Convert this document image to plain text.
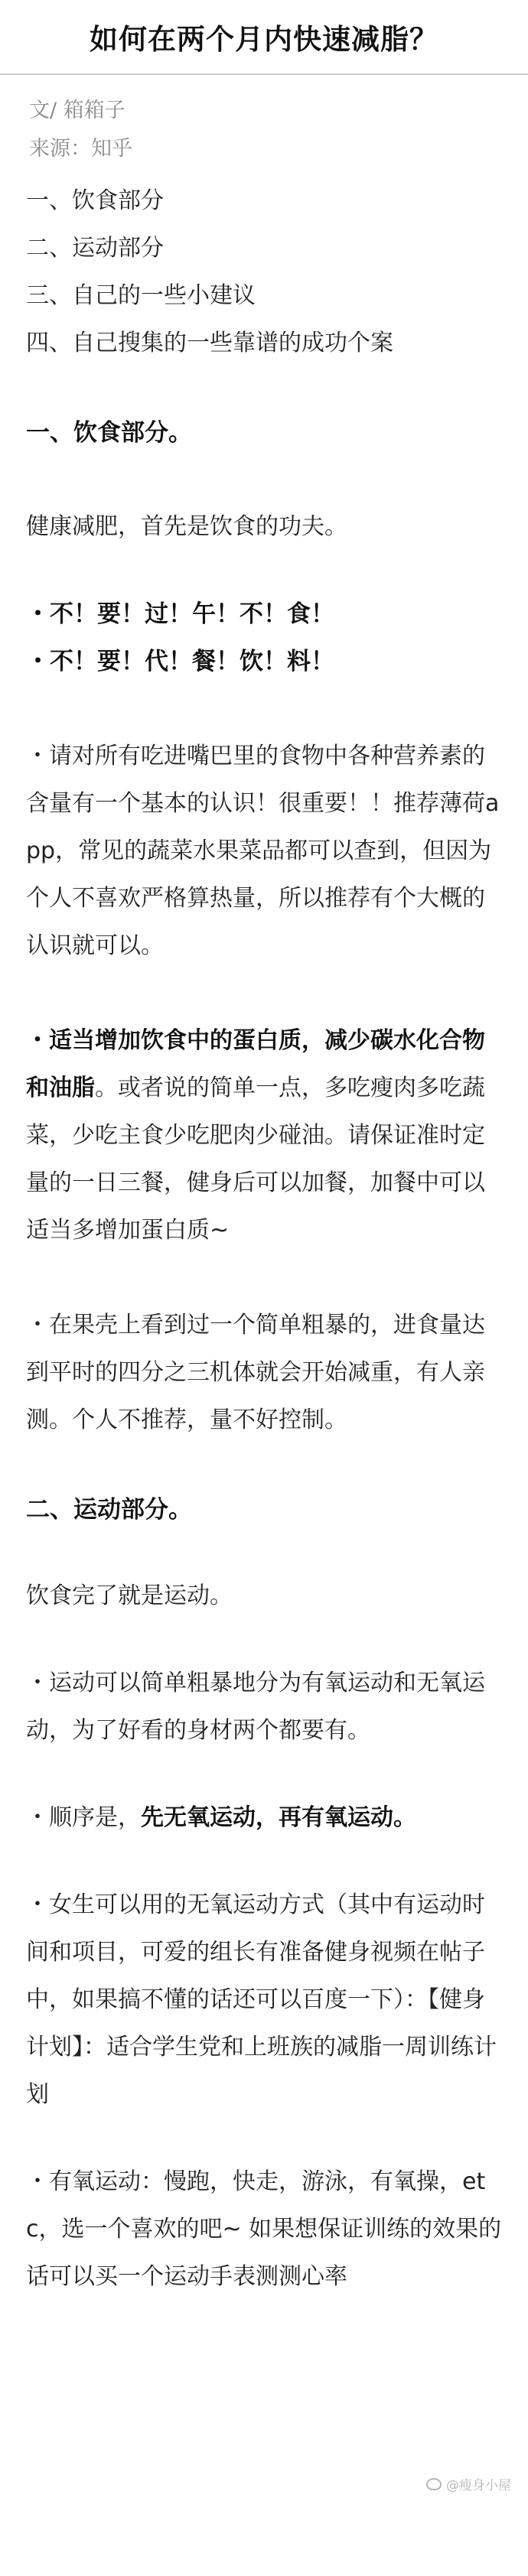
如何在两个月内快速减脂？
文/ 箱箱子
来源：知乎
一、饮食部分
二、运动部分
三、自己的一些小建议
四、自己搜集的一些靠谱的成功个案
一、饮食部分。
健康减肥，首先是饮食的功夫。
・不！要！过！午！不！食！
・不！要！代！餐！饮！料！
・请对所有吃进嘴巴里的食物中各种营养素的含量有一个基本的认识！很重要！！推荐薄荷app，常见的蔬菜水果菜品都可以查到，但因为个人不喜欢严格算热量，所以推荐有个大概的认识就可以。
・适当增加饮食中的蛋白质，减少碳水化合物和油脂。或者说的简单一点，多吃瘦肉多吃蔬菜，少吃主食少吃肥肉少碰油。请保证准时定量的一日三餐，健身后可以加餐，加餐中可以适当多增加蛋白质~
・在果壳上看到过一个简单粗暴的，进食量达到平时的四分之三机体就会开始减重，有人亲测。个人不推荐，量不好控制。
二、运动部分。
饮食完了就是运动。
・运动可以简单粗暴地分为有氧运动和无氧运动，为了好看的身材两个都要有。
・顺序是，先无氧运动，再有氧运动。
・女生可以用的无氧运动方式（其中有运动时间和项目，可爱的组长有准备健身视频在帖子中，如果搞不懂的话还可以百度一下）：【健身计划】：适合学生党和上班族的减脂一周训练计划
・有氧运动：慢跑，快走，游泳，有氧操，etc，选一个喜欢的吧~ 如果想保证训练的效果的话可以买一个运动手表测测心率
@瘦身小屋
